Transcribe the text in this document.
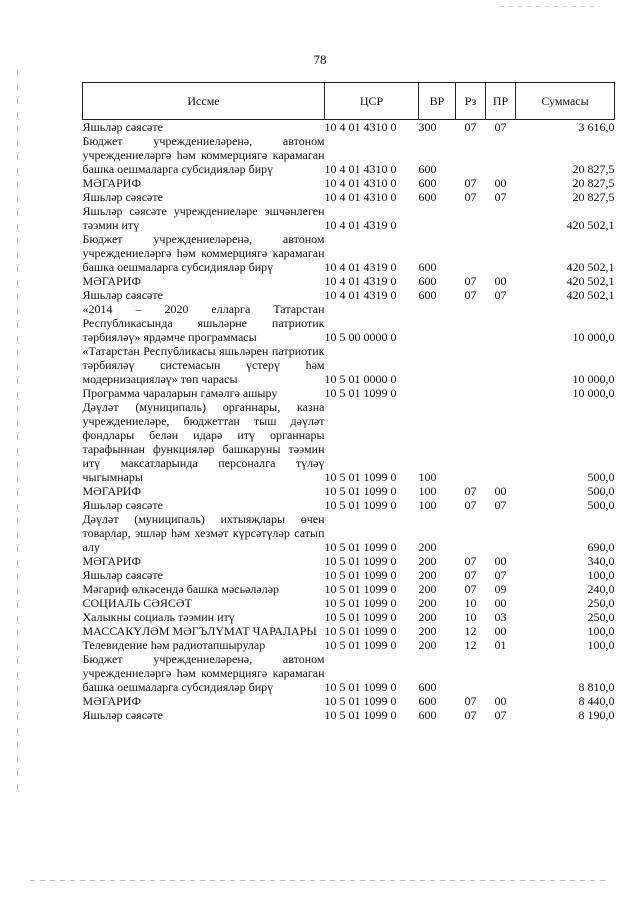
78
Иссме	ЦСР	ВР	Рз	ПР	Суммасы
Яшьләр сәясәте	10 4 01 4310 0	300	07	07	3 616,0
Бюджет учреждениеләренә, автоном учреждениеләргә һәм коммерциягә карамаган башка оешмаларга субсидияләр бирү	10 4 01 4310 0	600			20 827,5
МӘГАРИФ	10 4 01 4310 0	600	07	00	20 827,5
Яшьләр сәясәте	10 4 01 4310 0	600	07	07	20 827,5
Яшьләр сәясәте учреждениеләре эшчәнлеген тәэмин итү	10 4 01 4319 0				420 502,1
Бюджет учреждениеләренә, автоном учреждениеләргә һәм коммерциягә карамаган башка оешмаларга субсидияләр бирү	10 4 01 4319 0	600			420 502,1
МӘГАРИФ	10 4 01 4319 0	600	07	00	420 502,1
Яшьләр сәясәте	10 4 01 4319 0	600	07	07	420 502,1
«2014 – 2020 елларга Татарстан Республикасында яшьләрне патриотик тәрбияләү» ярдәмче программасы	10 5 00 0000 0				10 000,0
«Татарстан Республикасы яшьләрен патриотик тәрбияләү системасын үстерү һәм модернизацияләү» төп чарасы	10 5 01 0000 0				10 000,0
Программа чараларын гамәлгә ашыру	10 5 01 1099 0				10 000,0
Дәүләт (муниципаль) органнары, казна учреждениеләре, бюджеттан тыш дәүләт фондлары белән идарә итү органнары тарафыннан функцияләр башкаруны тәэмин итү максатларында персоналга түләү чыгымнары	10 5 01 1099 0	100			500,0
МӘГАРИФ	10 5 01 1099 0	100	07	00	500,0
Яшьләр сәясәте	10 5 01 1099 0	100	07	07	500,0
Дәүләт (муниципаль) ихтыяҗлары өчен товарлар, эшләр һәм хезмәт күрсәтүләр сатып алу	10 5 01 1099 0	200			690,0
МӘГАРИФ	10 5 01 1099 0	200	07	00	340,0
Яшьләр сәясәте	10 5 01 1099 0	200	07	07	100,0
Мәгариф өлкәсендә башка мәсьәләләр	10 5 01 1099 0	200	07	09	240,0
СОЦИАЛЬ СӘЯСӘТ	10 5 01 1099 0	200	10	00	250,0
Халыкны социаль тәэмин итү	10 5 01 1099 0	200	10	03	250,0
МАССАКҮЛӘМ МӘГЪЛҮМАТ ЧАРАЛАРЫ	10 5 01 1099 0	200	12	00	100,0
Телевидение һәм радиотапшырулар	10 5 01 1099 0	200	12	01	100,0
Бюджет учреждениеләренә, автоном учреждениеләргә һәм коммерциягә карамаган башка оешмаларга субсидияләр бирү	10 5 01 1099 0	600			8 810,0
МӘГАРИФ	10 5 01 1099 0	600	07	00	8 440,0
Яшьләр сәясәте	10 5 01 1099 0	600	07	07	8 190,0
